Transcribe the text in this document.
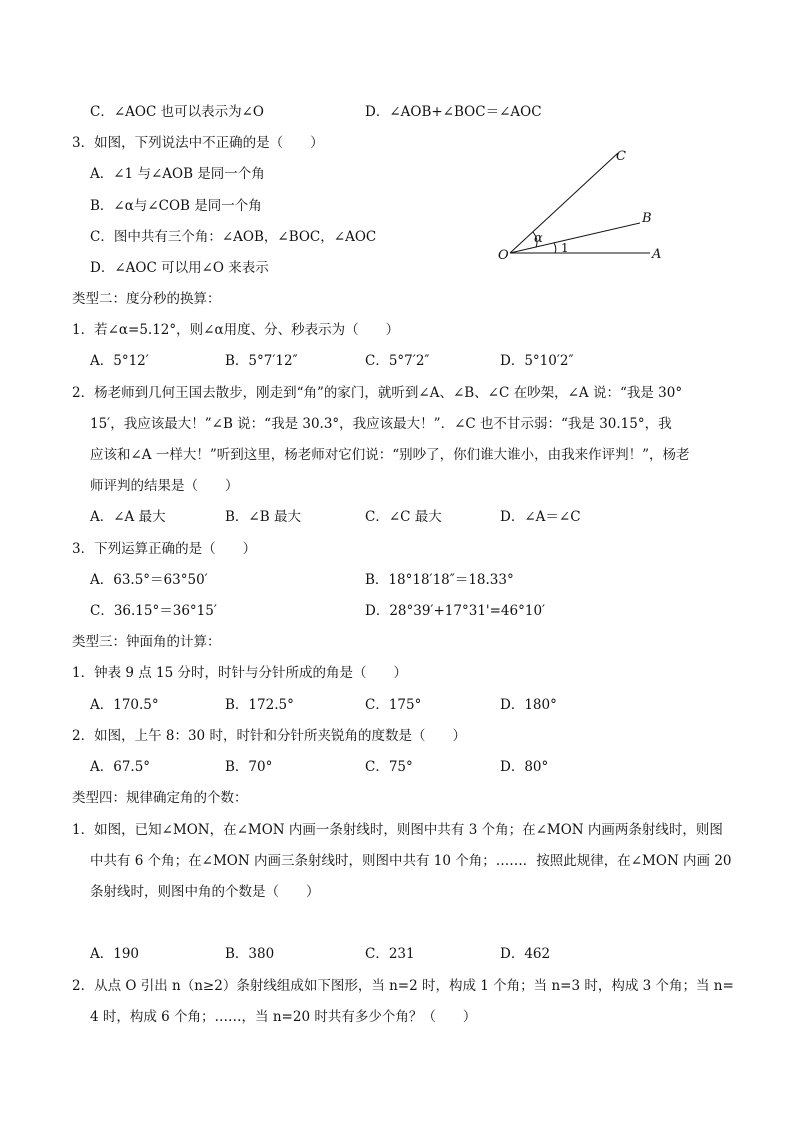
C．∠AOC 也可以表示为∠O	D．∠AOB+∠BOC＝∠AOC
3．如图，下列说法中不正确的是（　　）
A．∠1 与∠AOB 是同一个角
B．∠α与∠COB 是同一个角
C．图中共有三个角：∠AOB，∠BOC，∠AOC
D．∠AOC 可以用∠O 来表示
C
B
O	A
α
1
类型二：度分秒的换算：
1．若∠α=5.12°，则∠α用度、分、秒表示为（　　）
A．5°12′	B．5°7′12″	C．5°7′2″	D．5°10′2″
2．杨老师到几何王国去散步，刚走到“角”的家门，就听到∠A、∠B、∠C 在吵架，∠A 说：“我是 30°
15′，我应该最大！”∠B 说：“我是 30.3°，我应该最大！”．∠C 也不甘示弱：“我是 30.15°，我
应该和∠A 一样大！”听到这里，杨老师对它们说：“别吵了，你们谁大谁小，由我来作评判！”，杨老
师评判的结果是（　　）
A．∠A 最大	B．∠B 最大	C．∠C 最大	D．∠A＝∠C
3．下列运算正确的是（　　）
A．63.5°＝63°50′	B．18°18′18″＝18.33°
C．36.15°＝36°15′	D．28°39′+17°31'=46°10′
类型三：钟面角的计算：
1．钟表 9 点 15 分时，时针与分针所成的角是（　　）
A．170.5°	B．172.5°	C．175°	D．180°
2．如图，上午 8：30 时，时针和分针所夹锐角的度数是（　　）
A．67.5°	B．70°	C．75°	D．80°
类型四：规律确定角的个数：
1．如图，已知∠MON，在∠MON 内画一条射线时，则图中共有 3 个角；在∠MON 内画两条射线时，则图
中共有 6 个角；在∠MON 内画三条射线时，则图中共有 10 个角；……．按照此规律，在∠MON 内画 20
条射线时，则图中角的个数是（　　）
A．190	B．380	C．231	D．462
2．从点 O 引出 n（n≥2）条射线组成如下图形，当 n=2 时，构成 1 个角；当 n=3 时，构成 3 个角；当 n=
4 时，构成 6 个角；……，当 n=20 时共有多少个角？（　　）
